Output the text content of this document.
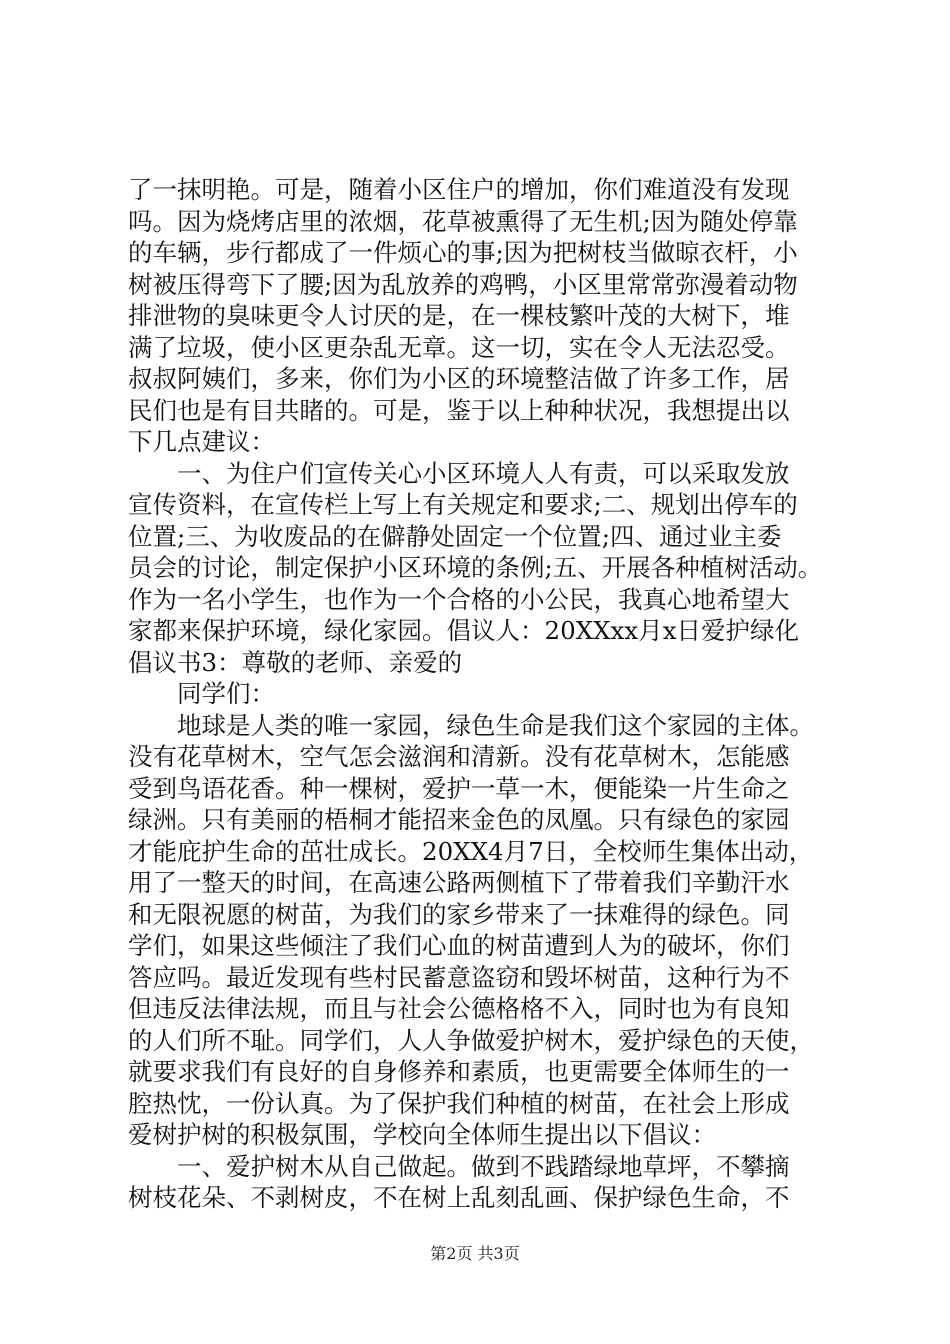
了一抹明艳。可是，随着小区住户的增加，你们难道没有发现
吗。因为烧烤店里的浓烟，花草被熏得了无生机;因为随处停靠
的车辆，步行都成了一件烦心的事;因为把树枝当做晾衣杆，小
树被压得弯下了腰;因为乱放养的鸡鸭，小区里常常弥漫着动物
排泄物的臭味更令人讨厌的是，在一棵枝繁叶茂的大树下，堆
满了垃圾，使小区更杂乱无章。这一切，实在令人无法忍受。
叔叔阿姨们，多来，你们为小区的环境整洁做了许多工作，居
民们也是有目共睹的。可是，鉴于以上种种状况，我想提出以
下几点建议：
　　一、为住户们宣传关心小区环境人人有责，可以采取发放
宣传资料，在宣传栏上写上有关规定和要求;二、规划出停车的
位置;三、为收废品的在僻静处固定一个位置;四、通过业主委
员会的讨论，制定保护小区环境的条例;五、开展各种植树活动。
作为一名小学生，也作为一个合格的小公民，我真心地希望大
家都来保护环境，绿化家园。倡议人：20XXxx月x日爱护绿化
倡议书3：尊敬的老师、亲爱的
　　同学们：
　　地球是人类的唯一家园，绿色生命是我们这个家园的主体。
没有花草树木，空气怎会滋润和清新。没有花草树木，怎能感
受到鸟语花香。种一棵树，爱护一草一木，便能染一片生命之
绿洲。只有美丽的梧桐才能招来金色的凤凰。只有绿色的家园
才能庇护生命的茁壮成长。20XX4月7日，全校师生集体出动，
用了一整天的时间，在高速公路两侧植下了带着我们辛勤汗水
和无限祝愿的树苗，为我们的家乡带来了一抹难得的绿色。同
学们，如果这些倾注了我们心血的树苗遭到人为的破坏，你们
答应吗。最近发现有些村民蓄意盗窃和毁坏树苗，这种行为不
但违反法律法规，而且与社会公德格格不入，同时也为有良知
的人们所不耻。同学们，人人争做爱护树木，爱护绿色的天使，
就要求我们有良好的自身修养和素质，也更需要全体师生的一
腔热忱，一份认真。为了保护我们种植的树苗，在社会上形成
爱树护树的积极氛围，学校向全体师生提出以下倡议：
　　一、爱护树木从自己做起。做到不践踏绿地草坪，不攀摘
树枝花朵、不剥树皮，不在树上乱刻乱画、保护绿色生命，不
第2页 共3页
